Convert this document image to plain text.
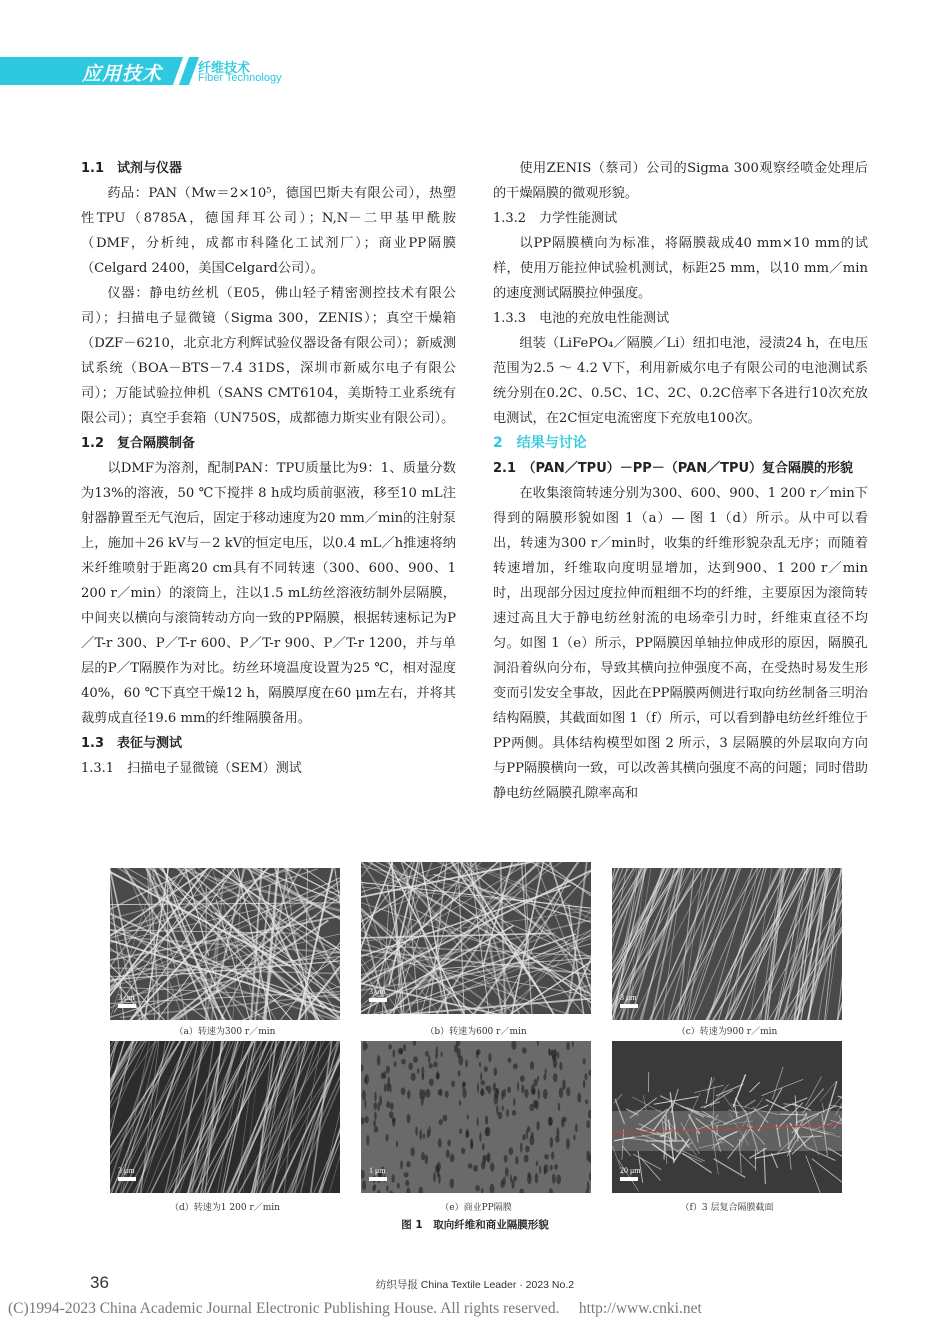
应用技术	纤维技术
Fiber Technology
1.1　试剂与仪器

药品：PAN（Mw＝2×10⁵，德国巴斯夫有限公司），热塑性TPU（8785A，德国拜耳公司）；N,N－二甲基甲酰胺（DMF，分析纯，成都市科隆化工试剂厂）；商业PP隔膜（Celgard 2400，美国Celgard公司）。

仪器：静电纺丝机（E05，佛山轻子精密测控技术有限公司）；扫描电子显微镜（Sigma 300，ZENIS）；真空干燥箱（DZF－6210，北京北方利辉试验仪器设备有限公司）；新威测试系统（BOA－BTS－7.4 31DS，深圳市新威尔电子有限公司）；万能试验拉伸机（SANS CMT6104，美斯特工业系统有限公司）；真空手套箱（UN750S，成都德力斯实业有限公司）。

1.2　复合隔膜制备

以DMF为溶剂，配制PAN：TPU质量比为9：1、质量分数为13%的溶液，50 ℃下搅拌 8 h成均质前驱液，移至10 mL注射器静置至无气泡后，固定于移动速度为20 mm／min的注射泵上，施加＋26 kV与－2 kV的恒定电压，以0.4 mL／h推速将纳米纤维喷射于距离20 cm具有不同转速（300、600、900、1 200 r／min）的滚筒上，注以1.5 mL纺丝溶液纺制外层隔膜，中间夹以横向与滚筒转动方向一致的PP隔膜，根据转速标记为P／T-r 300、P／T-r 600、P／T-r 900、P／T-r 1200，并与单层的P／T隔膜作为对比。纺丝环境温度设置为25 ℃，相对湿度40%，60 ℃下真空干燥12 h，隔膜厚度在60 μm左右，并将其裁剪成直径19.6 mm的纤维隔膜备用。

1.3　表征与测试
1.3.1　扫描电子显微镜（SEM）测试

使用ZENIS（蔡司）公司的Sigma 300观察经喷金处理后的干燥隔膜的微观形貌。

1.3.2　力学性能测试

以PP隔膜横向为标准，将隔膜裁成40 mm×10 mm的试样，使用万能拉伸试验机测试，标距25 mm，以10 mm／min的速度测试隔膜拉伸强度。

1.3.3　电池的充放电性能测试

组装（LiFePO₄／隔膜／Li）纽扣电池，浸渍24 h，在电压范围为2.5 ～ 4.2 V下，利用新威尔电子有限公司的电池测试系统分别在0.2C、0.5C、1C、2C、0.2C倍率下各进行10次充放电测试，在2C恒定电流密度下充放电100次。

2　结果与讨论
2.1　（PAN／TPU）－PP－（PAN／TPU）复合隔膜的形貌

在收集滚筒转速分别为300、600、900、1 200 r／min下得到的隔膜形貌如图 1（a）— 图 1（d）所示。从中可以看出，转速为300 r／min时，收集的纤维形貌杂乱无序；而随着转速增加，纤维取向度明显增加，达到900、1 200 r／min时，出现部分因过度拉伸而粗细不均的纤维，主要原因为滚筒转速过高且大于静电纺丝射流的电场牵引力时，纤维束直径不均匀。如图 1（e）所示，PP隔膜因单轴拉伸成形的原因，隔膜孔洞沿着纵向分布，导致其横向拉伸强度不高，在受热时易发生形变而引发安全事故，因此在PP隔膜两侧进行取向纺丝制备三明治结构隔膜，其截面如图 1（f）所示，可以看到静电纺丝纤维位于PP两侧。具体结构模型如图 2 所示，3 层隔膜的外层取向方向与PP隔膜横向一致，可以改善其横向强度不高的问题；同时借助静电纺丝隔膜孔隙率高和

3 μm
（a）转速为300 r／min
3 μm
（b）转速为600 r／min
3 μm
（c）转速为900 r／min
3 μm
（d）转速为1 200 r／min
1 μm
（e）商业PP隔膜
20 μm
（f）3 层复合隔膜截面
图 1　取向纤维和商业隔膜形貌
36	纺织导报 China Textile Leader · 2023 No.2
(C)1994-2023 China Academic Journal Electronic Publishing House. All rights reserved.　 http://www.cnki.net
